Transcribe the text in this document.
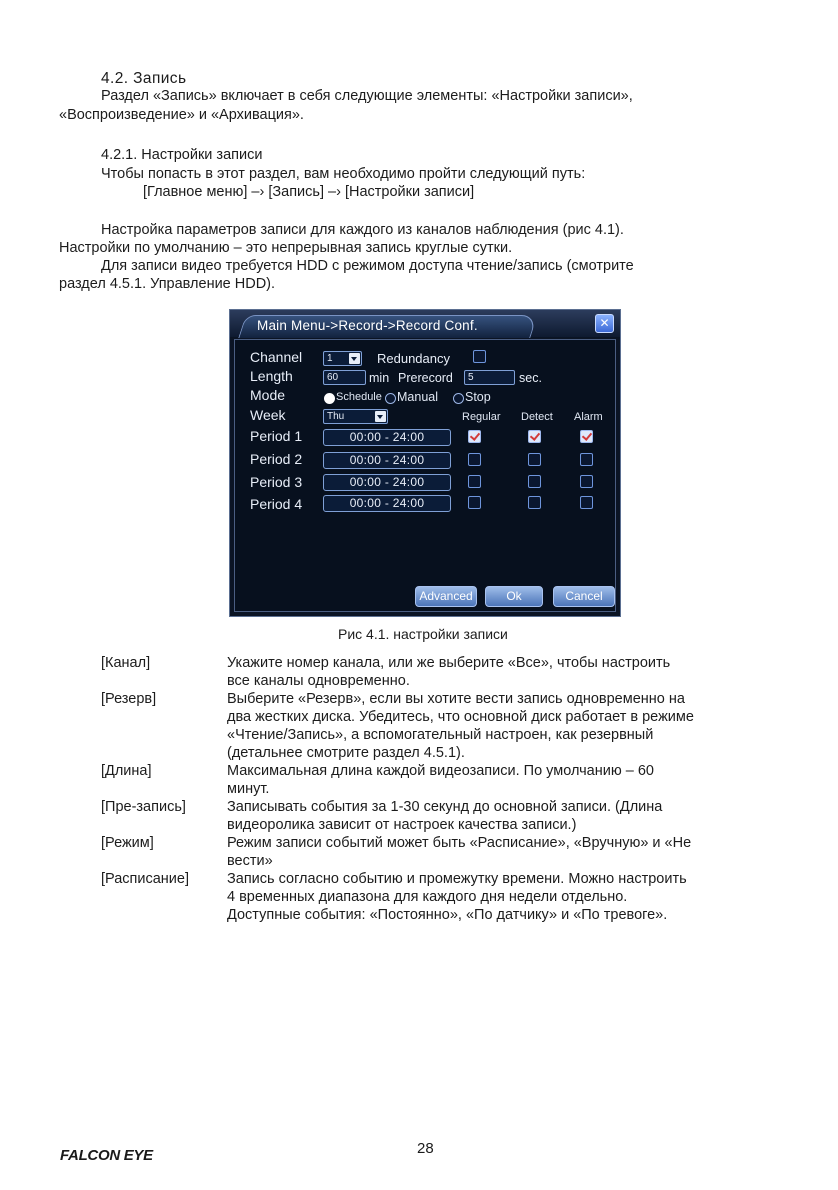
4.2. Запись
Раздел «Запись» включает в себя следующие элементы: «Настройки записи»,
«Воспроизведение» и «Архивация».
4.2.1. Настройки записи
Чтобы попасть в этот раздел, вам необходимо пройти следующий путь:
[Главное меню] –› [Запись] –› [Настройки записи]
Настройка параметров записи для каждого из каналов наблюдения (рис 4.1).
Настройки по умолчанию – это непрерывная запись круглые сутки.
Для записи видео требуется HDD с режимом доступа чтение/запись (смотрите
раздел 4.5.1. Управление HDD).
Main Menu->Record->Record Conf.	✕
Channel	1	Redundancy
Length	60	min Prerecord	5	sec.
Mode	Schedule Manual Stop
Week	Thu	Regular Detect Alarm
Period 1	00:00 - 24:00
Period 2	00:00 - 24:00
Period 3	00:00 - 24:00
Period 4	00:00 - 24:00
Advanced	Ok	Cancel
Рис 4.1. настройки записи
[Канал]	Укажите номер канала, или же выберите «Все», чтобы настроить
все каналы одновременно.
[Резерв]	Выберите «Резерв», если вы хотите вести запись одновременно на
два жестких диска. Убедитесь, что основной диск работает в режиме
«Чтение/Запись», а вспомогательный настроен, как резервный
(детальнее смотрите раздел 4.5.1).
[Длина]	Максимальная длина каждой видеозаписи. По умолчанию – 60
минут.
[Пре-запись]	Записывать события за 1-30 секунд до основной записи. (Длина
видеоролика зависит от настроек качества записи.)
[Режим]	Режим записи событий может быть «Расписание», «Вручную» и «Не
вести»
[Расписание]	Запись согласно событию и промежутку времени. Можно настроить
4 временных диапазона для каждого дня недели отдельно.
Доступные события: «Постоянно», «По датчику» и «По тревоге».
28
FALCON EYE
